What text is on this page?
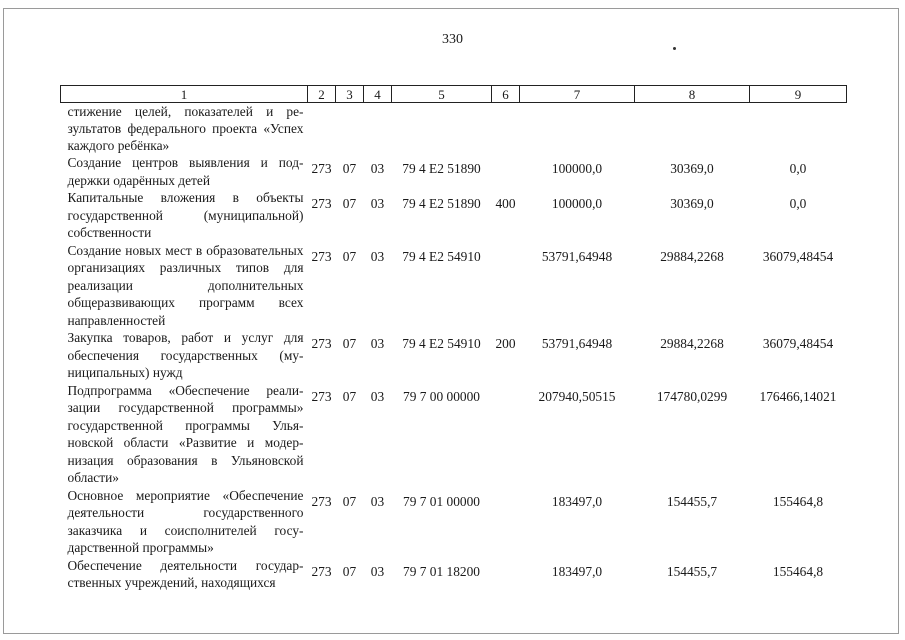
330
1	2	3	4	5	6	7	8	9
стижение целей, показателей и результатов федерального проекта «Успех каждого ребёнка»								
Создание центров выявления и поддержки одарённых детей	273	07	03	79 4 E2 51890		100000,0	30369,0	0,0
Капитальные вложения в объекты государственной (муниципальной) собственности	273	07	03	79 4 E2 51890	400	100000,0	30369,0	0,0
Создание новых мест в образовательных организациях различных типов для реализации дополнительных общеразвивающих программ всех направленностей	273	07	03	79 4 E2 54910		53791,64948	29884,2268	36079,48454
Закупка товаров, работ и услуг для обеспечения государственных (муниципальных) нужд	273	07	03	79 4 E2 54910	200	53791,64948	29884,2268	36079,48454
Подпрограмма «Обеспечение реализации государственной программы» государственной программы Ульяновской области «Развитие и модернизация образования в Ульяновской области»	273	07	03	79 7 00 00000		207940,50515	174780,0299	176466,14021
Основное мероприятие «Обеспечение деятельности государственного заказчика и соисполнителей государственной программы»	273	07	03	79 7 01 00000		183497,0	154455,7	155464,8
Обеспечение деятельности государственных учреждений, находящихся	273	07	03	79 7 01 18200		183497,0	154455,7	155464,8
